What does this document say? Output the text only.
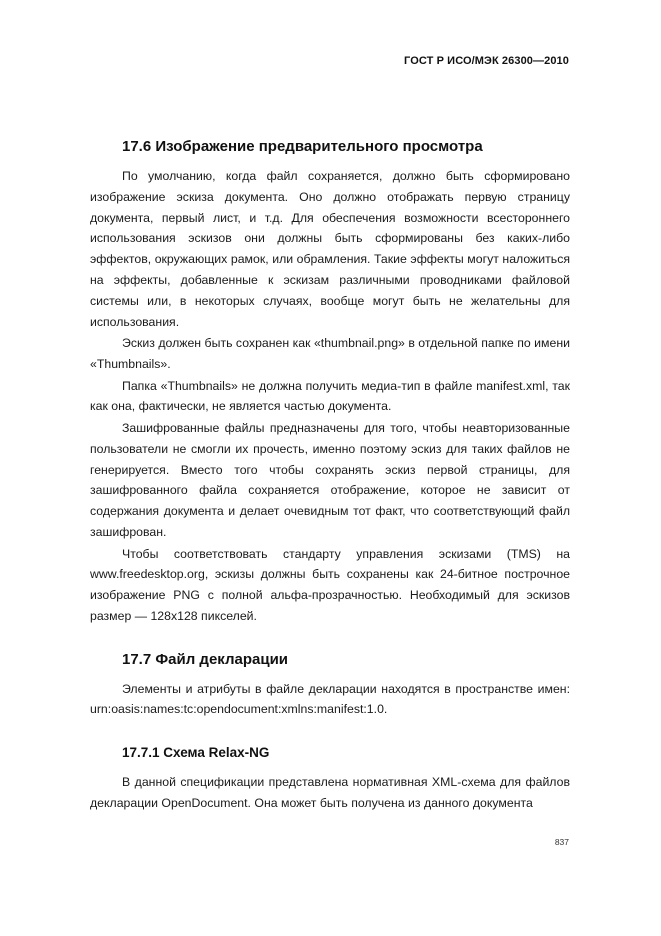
ГОСТ Р ИСО/МЭК 26300—2010
17.6 Изображение предварительного просмотра

По умолчанию, когда файл сохраняется, должно быть сформировано изображение эскиза документа. Оно должно отображать первую страницу документа, первый лист, и т.д. Для обеспечения возможности всестороннего использования эскизов они должны быть сформированы без каких-либо эффектов, окружающих рамок, или обрамления. Такие эффекты могут наложиться на эффекты, добавленные к эскизам различными проводниками файловой системы или, в некоторых случаях, вообще могут быть не желательны для использования.

Эскиз должен быть сохранен как «thumbnail.png» в отдельной папке по имени «Thumbnails».

Папка «Thumbnails» не должна получить медиа-тип в файле manifest.xml, так как она, фактически, не является частью документа.

Зашифрованные файлы предназначены для того, чтобы неавторизованные пользователи не смогли их прочесть, именно поэтому эскиз для таких файлов не генерируется. Вместо того чтобы сохранять эскиз первой страницы, для зашифрованного файла сохраняется отображение, которое не зависит от содержания документа и делает очевидным тот факт, что соответствующий файл зашифрован.

Чтобы соответствовать стандарту управления эскизами (TMS) на www.freedesktop.org, эскизы должны быть сохранены как 24-битное построчное изображение PNG с полной альфа-прозрачностью. Необходимый для эскизов размер — 128x128 пикселей.

17.7 Файл декларации

Элементы и атрибуты в файле декларации находятся в пространстве имен: urn:oasis:names:tc:opendocument:xmlns:manifest:1.0.

17.7.1 Схема Relax-NG

В данной спецификации представлена нормативная XML-схема для файлов декларации OpenDocument. Она может быть получена из данного документа

837
